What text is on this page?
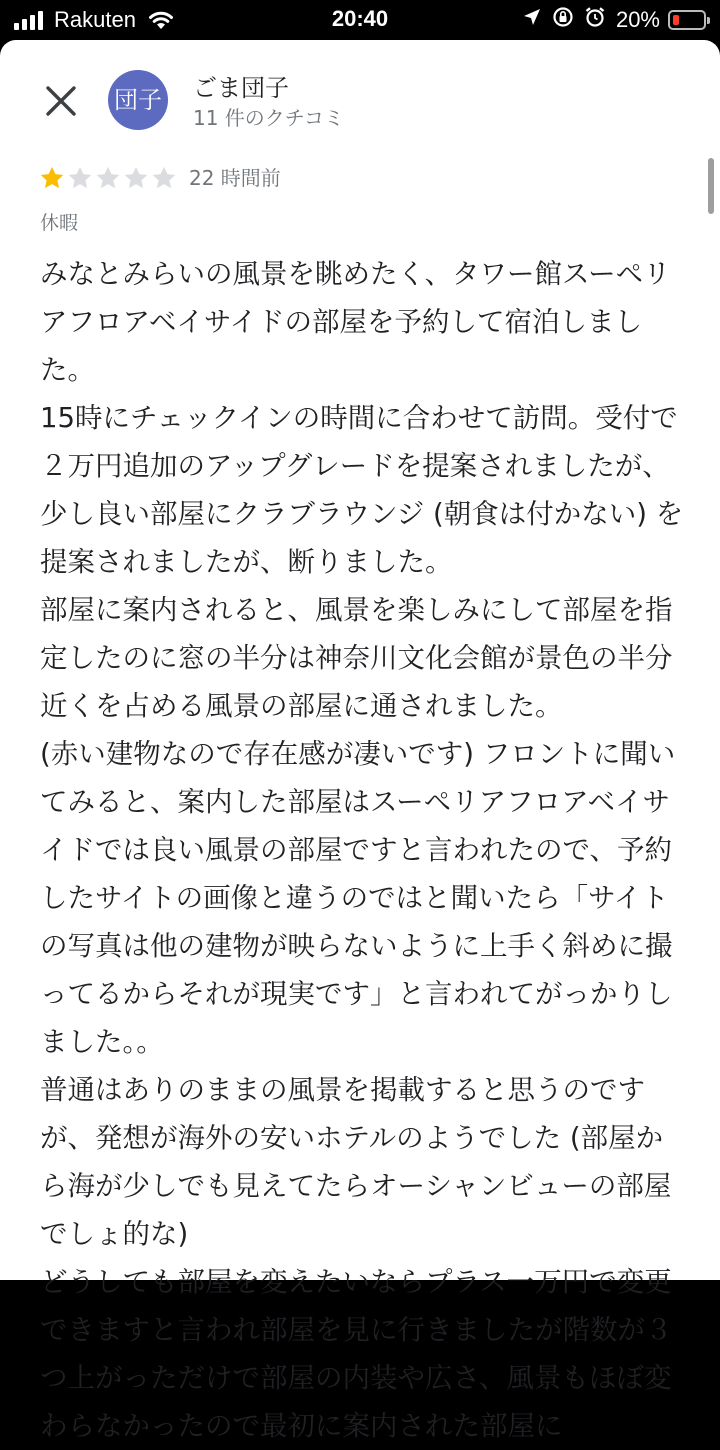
Rakuten	20:40	20%
団子 ごま団子
11 件のクチコミ
22 時間前
休暇

みなとみらいの風景を眺めたく、タワー館スーペリアフロアベイサイドの部屋を予約して宿泊しました。

15時にチェックインの時間に合わせて訪問。受付で２万円追加のアップグレードを提案されましたが、少し良い部屋にクラブラウンジ (朝食は付かない) を提案されましたが、断りました。

部屋に案内されると、風景を楽しみにして部屋を指定したのに窓の半分は神奈川文化会館が景色の半分近くを占める風景の部屋に通されました。

(赤い建物なので存在感が凄いです) フロントに聞いてみると、案内した部屋はスーペリアフロアベイサイドでは良い風景の部屋ですと言われたので、予約したサイトの画像と違うのではと聞いたら「サイトの写真は他の建物が映らないように上手く斜めに撮ってるからそれが現実です」と言われてがっかりしました。。

普通はありのままの風景を掲載すると思うのですが、発想が海外の安いホテルのようでした (部屋から海が少しでも見えてたらオーシャンビューの部屋でしょ的な)

どうしても部屋を変えたいならプラス一万円で変更できますと言われ部屋を見に行きましたが階数が３つ上がっただけで部屋の内装や広さ、風景もほぼ変わらなかったので最初に案内された部屋に
